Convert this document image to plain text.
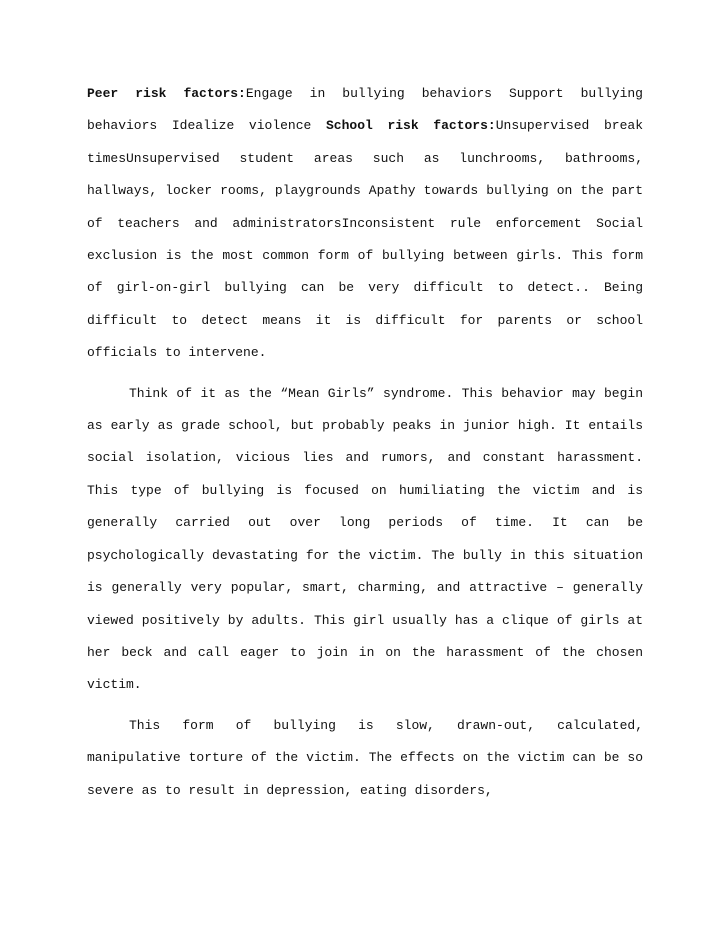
Peer risk factors:Engage in bullying behaviors Support bullying behaviors Idealize violence School risk factors:Unsupervised break timesUnsupervised student areas such as lunchrooms, bathrooms, hallways, locker rooms, playgrounds Apathy towards bullying on the part of teachers and administratorsInconsistent rule enforcement Social exclusion is the most common form of bullying between girls. This form of girl-on-girl bullying can be very difficult to detect.. Being difficult to detect means it is difficult for parents or school officials to intervene.

Think of it as the “Mean Girls” syndrome. This behavior may begin as early as grade school, but probably peaks in junior high. It entails social isolation, vicious lies and rumors, and constant harassment. This type of bullying is focused on humiliating the victim and is generally carried out over long periods of time. It can be psychologically devastating for the victim. The bully in this situation is generally very popular, smart, charming, and attractive – generally viewed positively by adults. This girl usually has a clique of girls at her beck and call eager to join in on the harassment of the chosen victim.

This form of bullying is slow, drawn-out, calculated, manipulative torture of the victim. The effects on the victim can be so severe as to result in depression, eating disorders,
